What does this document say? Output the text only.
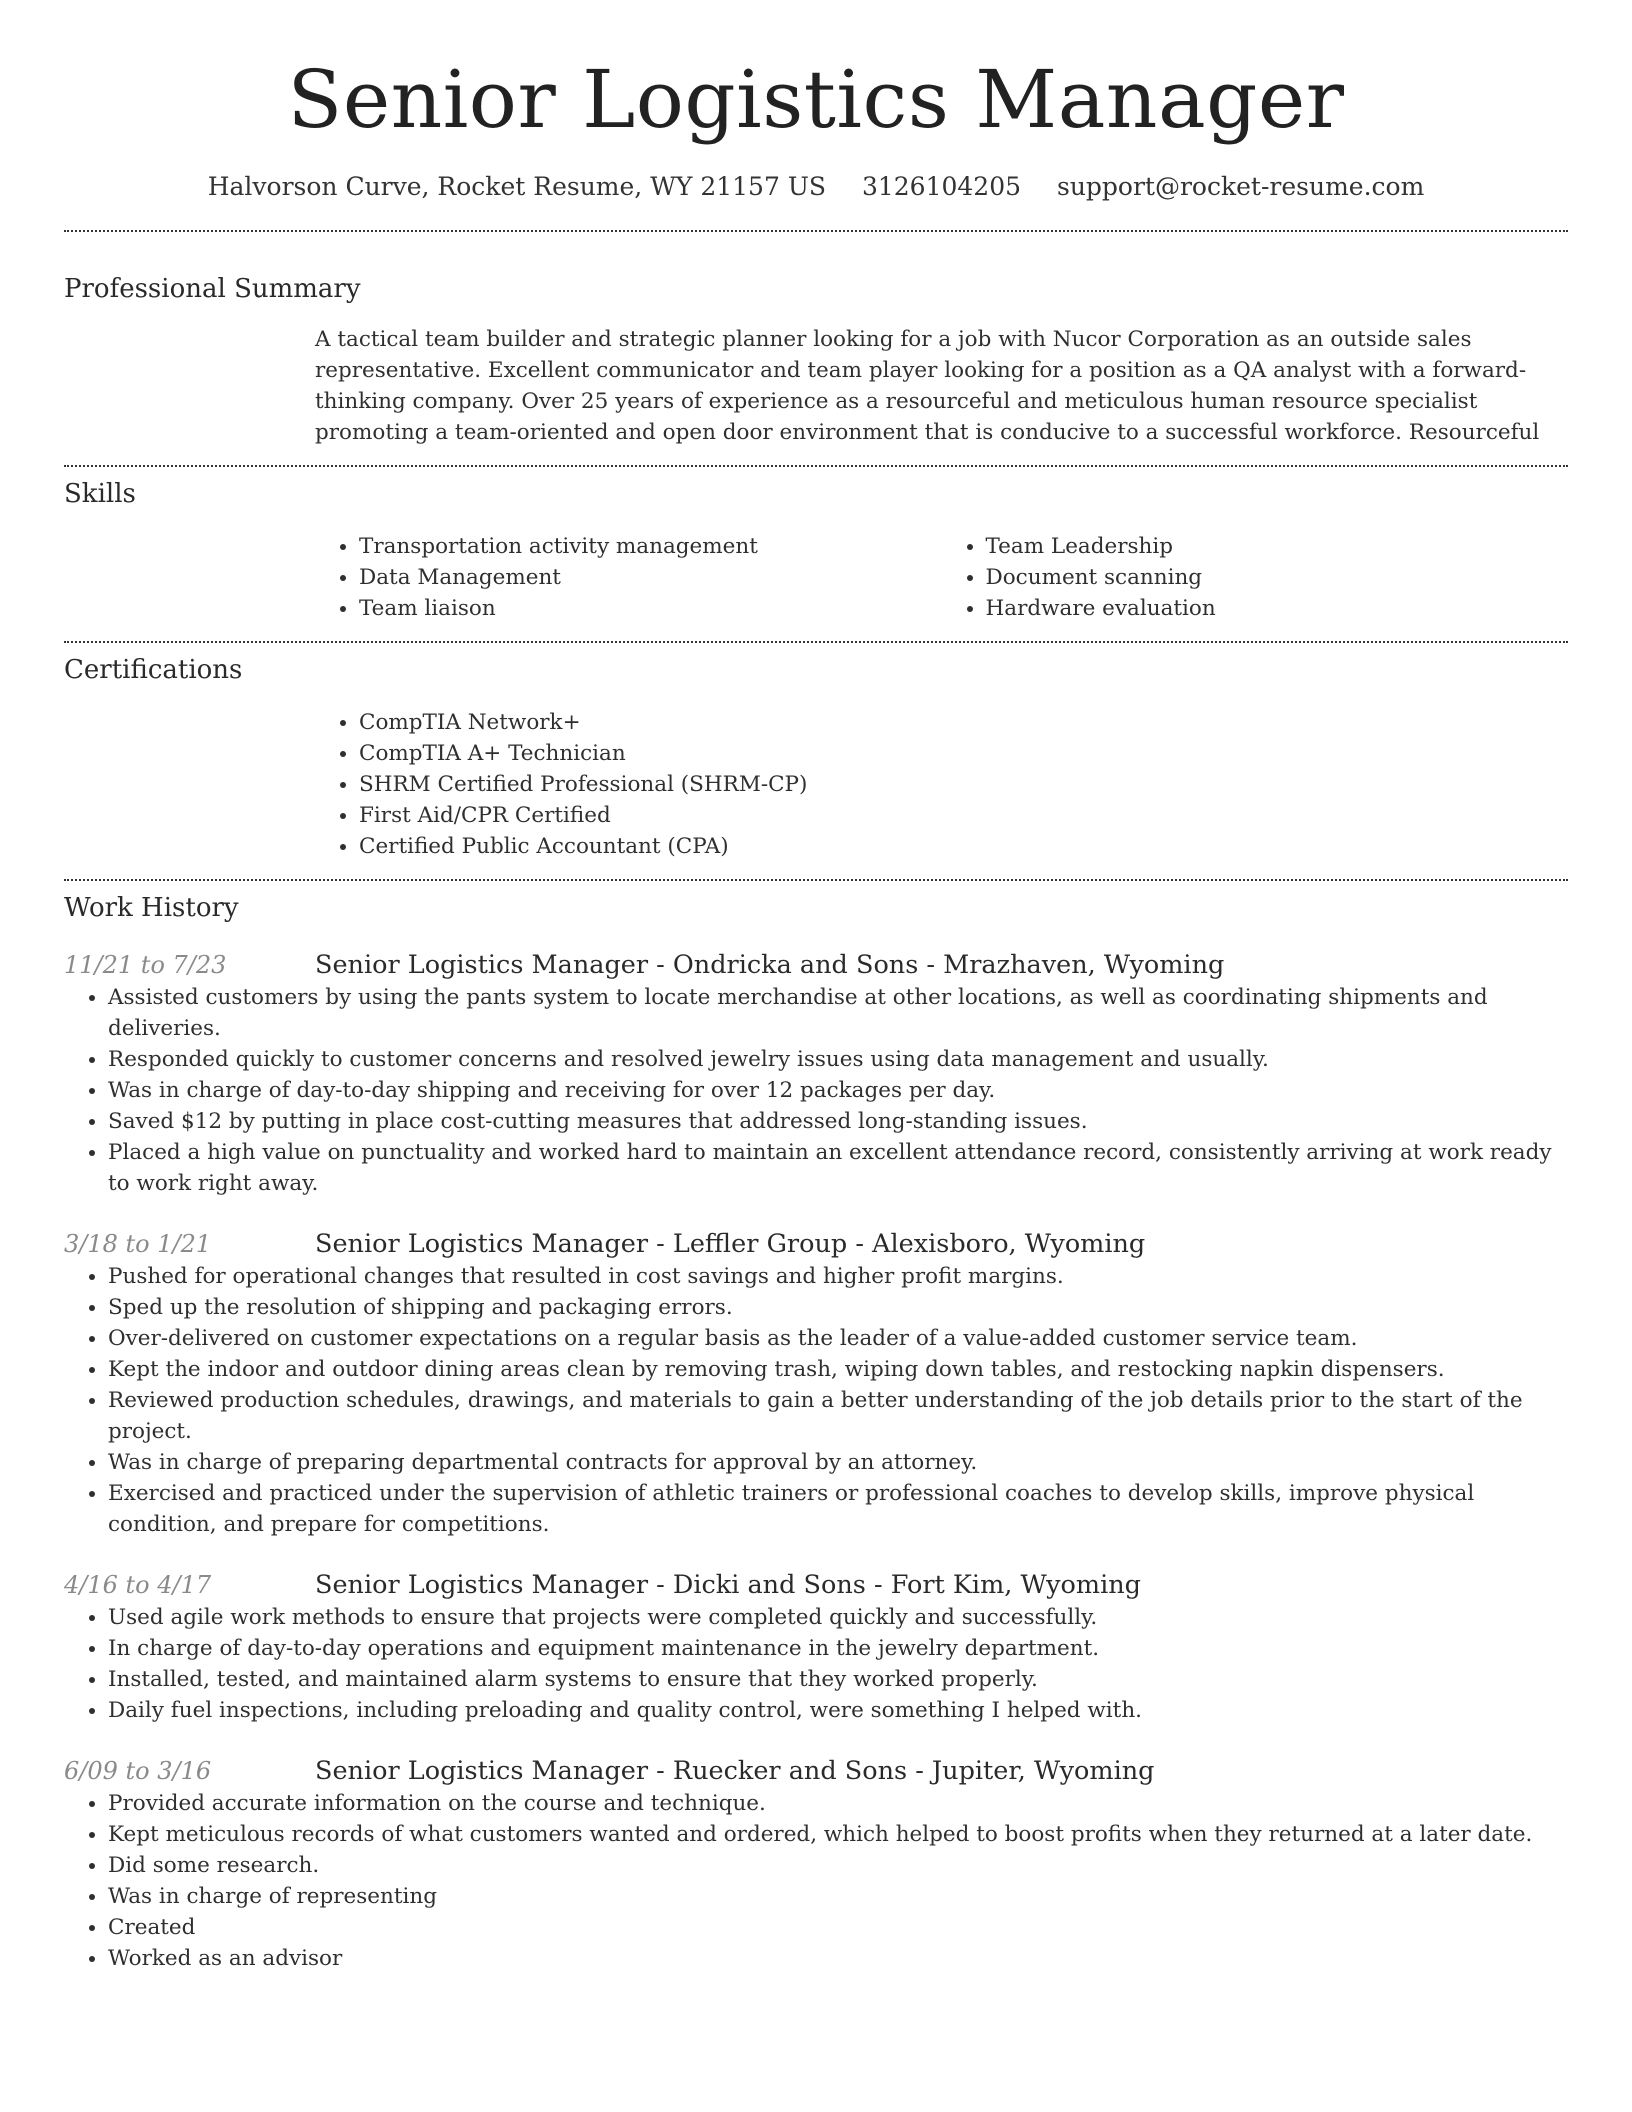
Senior Logistics Manager
Halvorson Curve, Rocket Resume, WY 21157 US 3126104205 support@rocket-resume.com
Professional Summary

A tactical team builder and strategic planner looking for a job with Nucor Corporation as an outside sales representative. Excellent communicator and team player looking for a position as a QA analyst with a forward-thinking company. Over 25 years of experience as a resourceful and meticulous human resource specialist promoting a team-oriented and open door environment that is conducive to a successful workforce. Resourceful

Skills
• Transportation activity management
• Data Management
• Team liaison
• Team Leadership
• Document scanning
• Hardware evaluation
Certifications
• CompTIA Network+
• CompTIA A+ Technician
• SHRM Certified Professional (SHRM-CP)
• First Aid/CPR Certified
• Certified Public Accountant (CPA)
Work History
11/21 to 7/23	Senior Logistics Manager - Ondricka and Sons - Mrazhaven, Wyoming
• Assisted customers by using the pants system to locate merchandise at other locations, as well as coordinating shipments and deliveries.
• Responded quickly to customer concerns and resolved jewelry issues using data management and usually.
• Was in charge of day-to-day shipping and receiving for over 12 packages per day.
• Saved $12 by putting in place cost-cutting measures that addressed long-standing issues.
• Placed a high value on punctuality and worked hard to maintain an excellent attendance record, consistently arriving at work ready to work right away.
3/18 to 1/21	Senior Logistics Manager - Leffler Group - Alexisboro, Wyoming
• Pushed for operational changes that resulted in cost savings and higher profit margins.
• Sped up the resolution of shipping and packaging errors.
• Over-delivered on customer expectations on a regular basis as the leader of a value-added customer service team.
• Kept the indoor and outdoor dining areas clean by removing trash, wiping down tables, and restocking napkin dispensers.
• Reviewed production schedules, drawings, and materials to gain a better understanding of the job details prior to the start of the project.
• Was in charge of preparing departmental contracts for approval by an attorney.
• Exercised and practiced under the supervision of athletic trainers or professional coaches to develop skills, improve physical condition, and prepare for competitions.
4/16 to 4/17	Senior Logistics Manager - Dicki and Sons - Fort Kim, Wyoming
• Used agile work methods to ensure that projects were completed quickly and successfully.
• In charge of day-to-day operations and equipment maintenance in the jewelry department.
• Installed, tested, and maintained alarm systems to ensure that they worked properly.
• Daily fuel inspections, including preloading and quality control, were something I helped with.
6/09 to 3/16	Senior Logistics Manager - Ruecker and Sons - Jupiter, Wyoming
• Provided accurate information on the course and technique.
• Kept meticulous records of what customers wanted and ordered, which helped to boost profits when they returned at a later date.
• Did some research.
• Was in charge of representing
• Created
• Worked as an advisor
